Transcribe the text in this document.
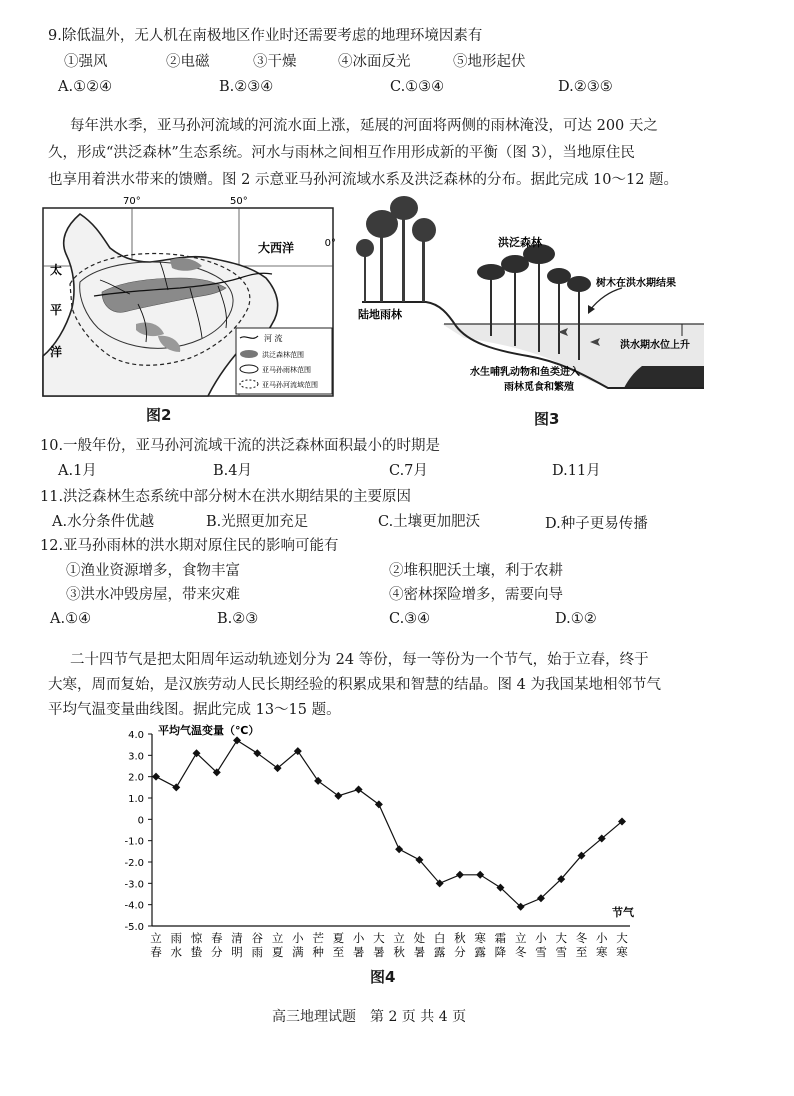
9.除低温外，无人机在南极地区作业时还需要考虑的地理环境因素有
①强风	②电磁	③干燥	④冰面反光	⑤地形起伏
A.①②④	B.②③④	C.①③④	D.②③⑤
每年洪水季，亚马孙河流域的河流水面上涨，延展的河面将两侧的雨林淹没，可达 200 天之
久，形成“洪泛森林”生态系统。河水与雨林之间相互作用形成新的平衡（图 3），当地原住民
也享用着洪水带来的馈赠。图 2 示意亚马孙河流域水系及洪泛森林的分布。据此完成 10～12 题。
70°	50°
大西洋	0°
太
平
洋
河 流
洪泛森林范围
亚马孙雨林范围
亚马孙河流域范围
图2
洪泛森林
陆地雨林
树木在洪水期结果
洪水期水位上升
水生哺乳动物和鱼类进入
雨林觅食和繁殖
图3
10.一般年份，亚马孙河流域干流的洪泛森林面积最小的时期是
A.1月	B.4月	C.7月	D.11月
11.洪泛森林生态系统中部分树木在洪水期结果的主要原因
A.水分条件优越	B.光照更加充足	C.土壤更加肥沃	D.种子更易传播
12.亚马孙雨林的洪水期对原住民的影响可能有
①渔业资源增多，食物丰富	②堆积肥沃土壤，利于农耕
③洪水冲毁房屋，带来灾难	④密林探险增多，需要向导
A.①④	B.②③	C.③④	D.①②
二十四节气是把太阳周年运动轨迹划分为 24 等份，每一等份为一个节气，始于立春，终于
大寒，周而复始，是汉族劳动人民长期经验的积累成果和智慧的结晶。图 4 为我国某地相邻节气
平均气温变量曲线图。据此完成 13～15 题。
4.0
3.0
2.0
1.0
0
-1.0
-2.0
-3.0
-4.0
-5.0
立春
雨水
惊蛰
春分
清明
谷雨
立夏
小满
芒种
夏至
小暑
大暑
立秋
处暑
白露
秋分
寒露
霜降
立冬
小雪
大雪
冬至
小寒
大寒
平均气温变量（℃）
节气
图4
高三地理试题　第 2 页 共 4 页
